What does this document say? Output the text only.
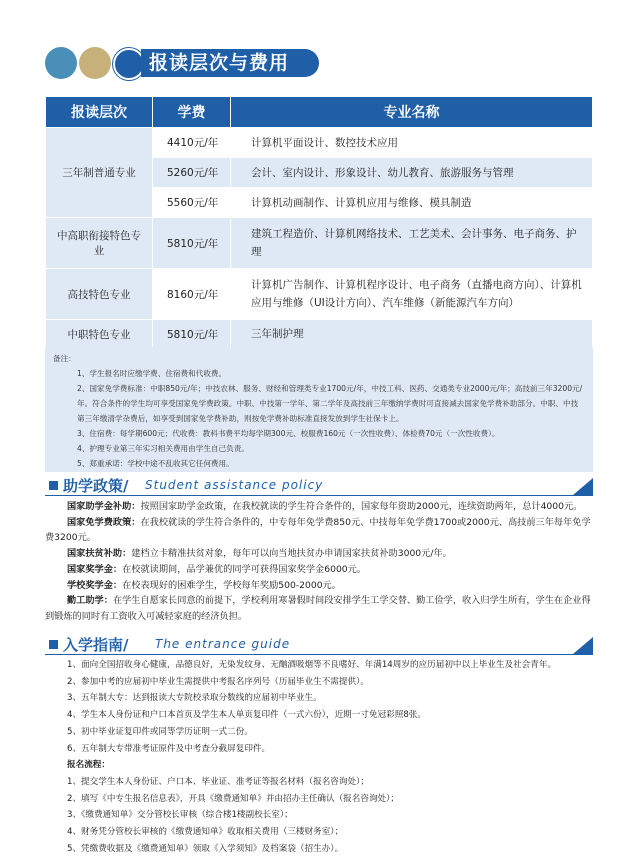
报读层次与费用
报读层次	学费	专业名称
三年制普通专业	4410元/年	计算机平面设计、数控技术应用
	5260元/年	会计、室内设计、形象设计、幼儿教育、旅游服务与管理
	5560元/年	计算机动画制作、计算机应用与维修、模具制造
中高职衔接特色专业	5810元/年	建筑工程造价、计算机网络技术、工艺美术、会计事务、电子商务、护理
高技特色专业	8160元/年	计算机广告制作、计算机程序设计、电子商务（直播电商方向）、计算机应用与维修（UI设计方向）、汽车维修（新能源汽车方向）
中职特色专业	5810元/年	三年制护理
备注：
1、学生报名时应缴学费、住宿费和代收费。
2、国家免学费标准：中职850元/年；中技农林、服务、财经和管理类专业1700元/年，中技工科、医药、交通类专业2000元/年；高技前三年3200元/年。符合条件的学生均可享受国家免学费政策。中职、中技第一学年、第二学年及高技前三年缴纳学费时可直接减去国家免学费补助部分。中职、中技第三年缴清学杂费后，如享受到国家免学费补助，则按免学费补助标准直接发放到学生社保卡上。
3、住宿费：每学期600元；代收费：教科书费平均每学期300元、校服费160元（一次性收费）、体检费70元（一次性收费）。
4、护理专业第三年实习相关费用由学生自己负责。
5、郑重承诺：学校中途不乱收其它任何费用。
助学政策/ Student assistance policy
国家助学金补助：按照国家助学金政策，在我校就读的学生符合条件的，国家每年资助2000元，连续资助两年，总计4000元。
国家免学费政策：在我校就读的学生符合条件的，中专每年免学费850元、中技每年免学费1700或2000元、高技前三年每年免学费3200元。
国家扶贫补助：建档立卡精准扶贫对象，每年可以向当地扶贫办申请国家扶贫补助3000元/年。
国家奖学金：在校就读期间，品学兼优的同学可获得国家奖学金6000元。
学校奖学金：在校表现好的困难学生，学校每年奖励500-2000元。
勤工助学：在学生自愿家长同意的前提下，学校利用寒暑假时间段安排学生工学交替、勤工俭学，收入归学生所有，学生在企业得到锻炼的同时有工资收入可减轻家庭的经济负担。
入学指南/ The entrance guide
1、面向全国招收身心健康，品德良好，无染发纹身、无酗酒吸烟等不良嗜好、年满14周岁的应历届初中以上毕业生及社会青年。
2、参加中考的应届初中毕业生需提供中考报名序列号（历届毕业生不需提供）。
3、五年制大专：达到报读大专院校录取分数线的应届初中毕业生。
4、学生本人身份证和户口本首页及学生本人单页复印件（一式六份），近期一寸免冠彩照8张。
5、初中毕业证复印件或同等学历证明一式二份。
6、五年制大专带准考证原件及中考查分截屏复印件。
报名流程：
1、提交学生本人身份证、户口本、毕业证、准考证等报名材料（报名咨询处）；
2、填写《中专生报名信息表》，开具《缴费通知单》并由招办主任确认（报名咨询处）；
3、《缴费通知单》交分管校长审核（综合楼1楼副校长室）；
4、财务凭分管校长审核的《缴费通知单》收取相关费用（三楼财务室）；
5、凭缴费收据及《缴费通知单》领取《入学须知》及档案袋（招生办）。
